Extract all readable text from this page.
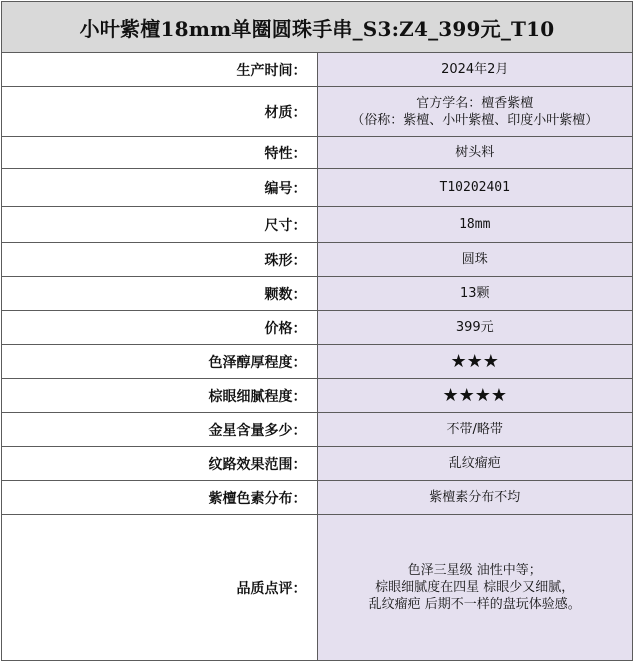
小叶紫檀18mm单圈圆珠手串_S3:Z4_399元_T10	
生产时间：	2024年2月
材质：	官方学名：檀香紫檀
（俗称：紫檀、小叶紫檀、印度小叶紫檀）

特性：	树头料
编号：	T10202401
尺寸：	18mm
珠形：	圆珠
颗数：	13颗
价格：	399元
色泽醇厚程度：	★★★
棕眼细腻程度：	★★★★
金星含量多少：	不带/略带
纹路效果范围：	乱纹瘤疤
紫檀色素分布：	紫檀素分布不均
品质点评：	色泽三星级 油性中等；
棕眼细腻度在四星 棕眼少又细腻，
乱纹瘤疤 后期不一样的盘玩体验感。
